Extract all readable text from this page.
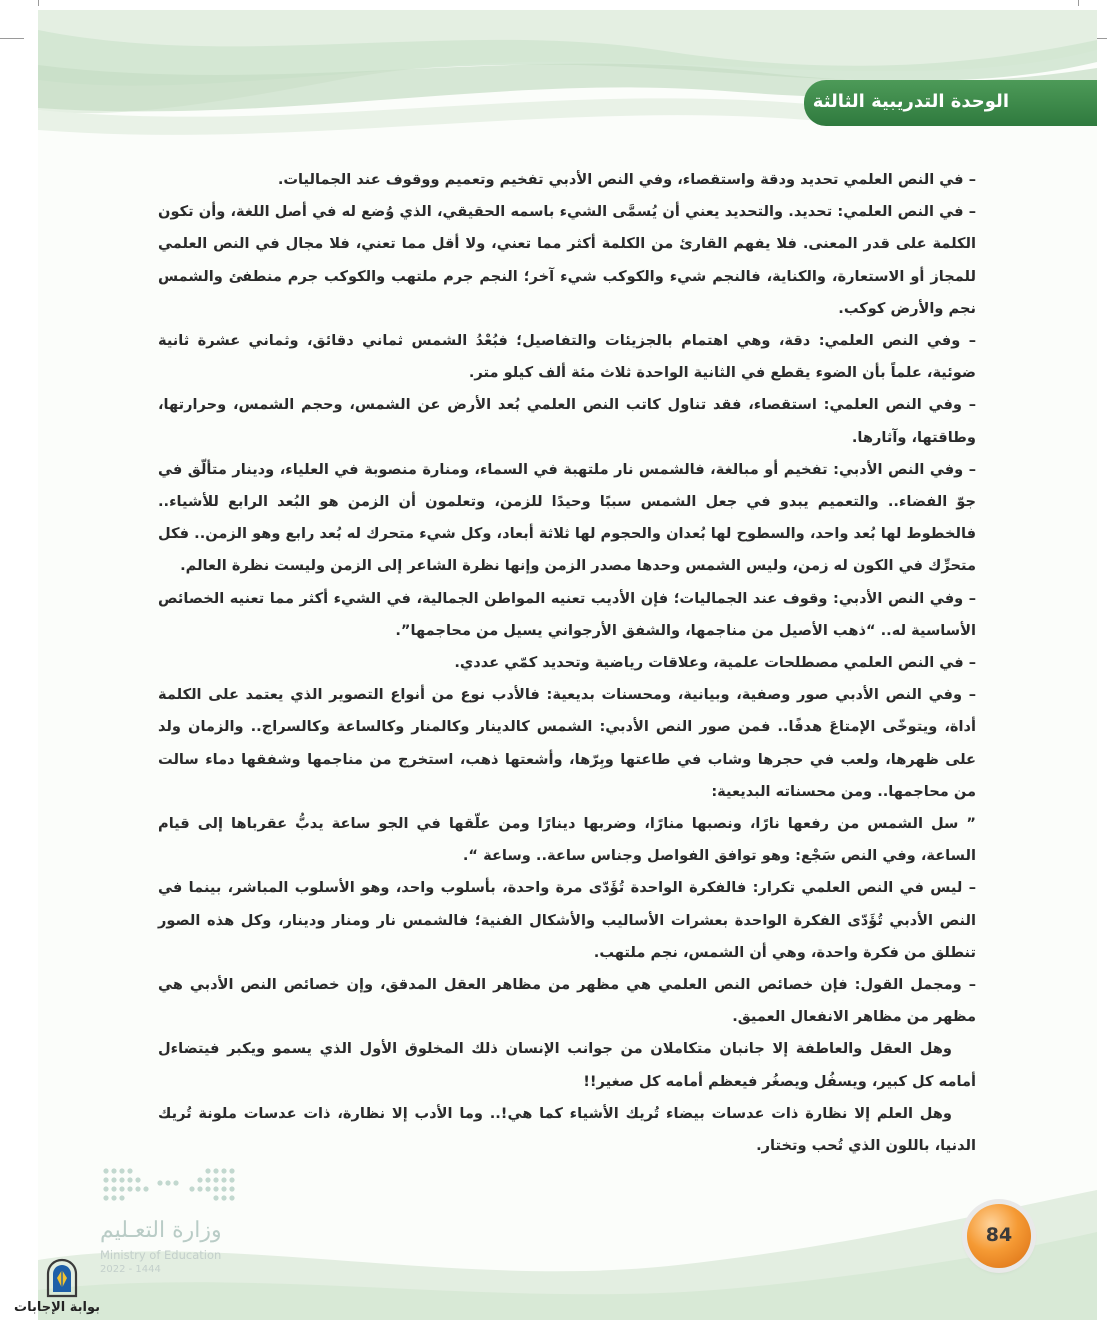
الوحدة التدريبية الثالثة

– في النص العلمي تحديد ودقة واستقصاء، وفي النص الأدبي تفخيم وتعميم ووقوف عند الجماليات.

– في النص العلمي: تحديد. والتحديد يعني أن يُسمَّى الشيء باسمه الحقيقي، الذي وُضع له في أصل اللغة، وأن تكون الكلمة على قدر المعنى. فلا يفهم القارئ من الكلمة أكثر مما تعني، ولا أقل مما تعني، فلا مجال في النص العلمي للمجاز أو الاستعارة، والكناية، فالنجم شيء والكوكب شيء آخر؛ النجم جرم ملتهب والكوكب جرم منطفئ والشمس نجم والأرض كوكب.

– وفي النص العلمي: دقة، وهي اهتمام بالجزيئات والتفاصيل؛ فبُعْدُ الشمس ثماني دقائق، وثماني عشرة ثانية ضوئية، علماً بأن الضوء يقطع في الثانية الواحدة ثلاث مئة ألف كيلو متر.

– وفي النص العلمي: استقصاء، فقد تناول كاتب النص العلمي بُعد الأرض عن الشمس، وحجم الشمس، وحرارتها، وطاقتها، وآثارها.

– وفي النص الأدبي: تفخيم أو مبالغة، فالشمس نار ملتهبة في السماء، ومنارة منصوبة في العلياء، ودينار متألّق في جوّ الفضاء.. والتعميم يبدو في جعل الشمس سببًا وحيدًا للزمن، وتعلمون أن الزمن هو البُعد الرابع للأشياء.. فالخطوط لها بُعد واحد، والسطوح لها بُعدان والحجوم لها ثلاثة أبعاد، وكل شيء متحرك له بُعد رابع وهو الزمن.. فكل متحرِّك في الكون له زمن، وليس الشمس وحدها مصدر الزمن وإنها نظرة الشاعر إلى الزمن وليست نظرة العالم.

– وفي النص الأدبي: وقوف عند الجماليات؛ فإن الأديب تعنيه المواطن الجمالية، في الشيء أكثر مما تعنيه الخصائص الأساسية له.. “ذهب الأصيل من مناجمها، والشفق الأرجواني يسيل من محاجمها”.

– في النص العلمي مصطلحات علمية، وعلاقات رياضية وتحديد كمّي عددي.

– وفي النص الأدبي صور وصفية، وبيانية، ومحسنات بديعية: فالأدب نوع من أنواع التصوير الذي يعتمد على الكلمة أداة، ويتوخّى الإمتاعَ هدفًا.. فمن صور النص الأدبي: الشمس كالدينار وكالمنار وكالساعة وكالسراج.. والزمان ولد على ظهرها، ولعب في حجرها وشاب في طاعتها وبِرّها، وأشعتها ذهب، استخرج من مناجمها وشفقها دماء سالت من محاجمها.. ومن محسناته البديعية:

” سل الشمس من رفعها نارًا، ونصبها منارًا، وضربها دينارًا ومن علّقها في الجو ساعة يدبُّ عقرباها إلى قيام الساعة، وفي النص سَجْع: وهو توافق الفواصل وجناس ساعة.. وساعة “.

– ليس في النص العلمي تكرار: فالفكرة الواحدة تُؤَدّى مرة واحدة، بأسلوب واحد، وهو الأسلوب المباشر، بينما في النص الأدبي تُؤَدّى الفكرة الواحدة بعشرات الأساليب والأشكال الفنية؛ فالشمس نار ومنار ودينار، وكل هذه الصور تنطلق من فكرة واحدة، وهي أن الشمس، نجم ملتهب.

– ومجمل القول: فإن خصائص النص العلمي هي مظهر من مظاهر العقل المدقق، وإن خصائص النص الأدبي هي مظهر من مظاهر الانفعال العميق.

وهل العقل والعاطفة إلا جانبان متكاملان من جوانب الإنسان ذلك المخلوق الأول الذي يسمو ويكبر فيتضاءل أمامه كل كبير، ويسفُل ويصغُر فيعظم أمامه كل صغير!!

وهل العلم إلا نظارة ذات عدسات بيضاء تُريك الأشياء كما هي!.. وما الأدب إلا نظارة، ذات عدسات ملونة تُريك الدنيا، باللون الذي تُحب وتختار.

84
وزارة التعـليم
Ministry of Education
2022 - 1444
بوابة الإجابات
